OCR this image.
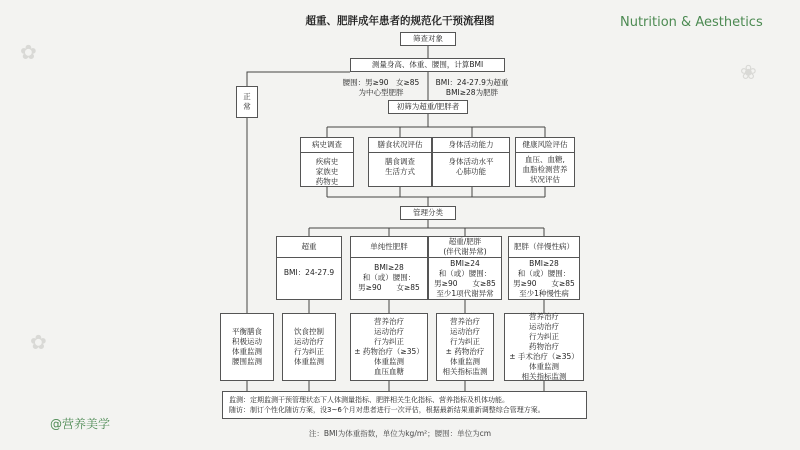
✿
❀
✿
超重、肥胖成年患者的规范化干预流程图	Nutrition & Aesthetics
@营养美学
注：BMI为体重指数，单位为kg/m²；腰围：单位为cm
筛查对象
测量身高、体重、腰围，计算BMI
腰围：男≥90　女≥85
为中心型肥胖
BMI：24-27.9为超重
BMI≥28为肥胖
正
常	初筛为超重/肥胖者
病史调查
疾病史
家族史
药物史
膳食状况评估
膳食调查
生活方式
身体活动能力
身体活动水平
心肺功能
健康风险评估
血压、血糖,
血脂检测营养
状况评估
管理分类
超重
BMI：24-27.9
单纯性肥胖
BMI≥28
和（或）腰围：
男≥90　　女≥85
超重/肥胖
(伴代谢异常)
BMI≥24
和（或）腰围：
男≥90　　女≥85
至少1项代谢异常
肥胖（伴慢性病）
BMI≥28
和（或）腰围：
男≥90　　女≥85
至少1种慢性病
平衡膳食
积极运动
体重监测
腰围监测
饮食控制
运动治疗
行为纠正
体重监测
营养治疗
运动治疗
行为纠正
± 药物治疗（≥35）
体重监测
血压血糖
营养治疗
运动治疗
行为纠正
± 药物治疗
体重监测
相关指标监测
营养治疗
运动治疗
行为纠正
药物治疗
± 手术治疗（≥35）
体重监测
相关指标监测
监测：定期监测干预管理状态下人体测量指标、肥胖相关生化指标、营养指标及机体功能。
随访：制订个性化随访方案，没3~6个月对患者进行一次评估，根据最新结果重新调整综合管理方案。
